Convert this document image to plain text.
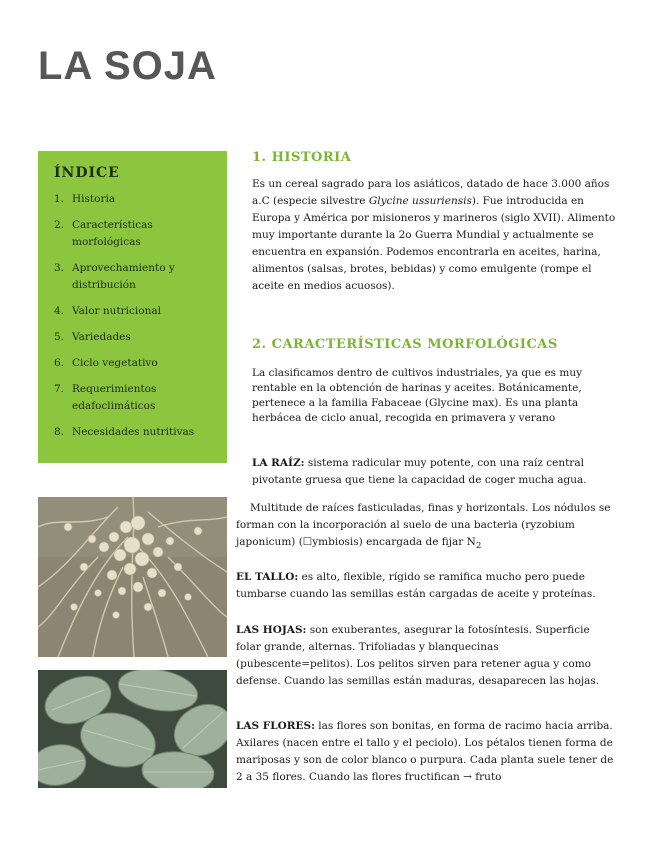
LA SOJA
ÍNDICE
1. Historia
2. Características morfológicas
3. Aprovechamiento y distribución
4. Valor nutricional
5. Variedades
6. Ciclo vegetativo
7. Requerimientos edafoclimáticos
8. Necesidades nutritivas
1. HISTORIA

Es un cereal sagrado para los asiáticos, datado de hace 3.000 años a.C (especie silvestre Glycine ussuriensis). Fue introducida en Europa y América por misioneros y marineros (siglo XVII). Alimento muy importante durante la 2o Guerra Mundial y actualmente se encuentra en expansión. Podemos encontrarla en aceites, harina, alimentos (salsas, brotes, bebidas) y como emulgente (rompe el aceite en medios acuosos).

2. CARACTERÍSTICAS MORFOLÓGICAS

La clasificamos dentro de cultivos industriales, ya que es muy rentable en la obtención de harinas y aceites. Botánicamente, pertenece a la familia Fabaceae (Glycine max). Es una planta herbácea de ciclo anual, recogida en primavera y verano

LA RAÍZ: sistema radicular muy potente, con una raíz central pivotante gruesa que tiene la capacidad de coger mucha agua.

Multitude de raíces fasticuladas, finas y horizontals. Los nódulos se forman con la incorporación al suelo de una bacteria (ryzobium japonicum) (☐ymbiosis) encargada de fijar $N_2$

EL TALLO: es alto, flexible, rígido se ramifica mucho pero puede tumbarse cuando las semillas están cargadas de aceite y proteínas.

LAS HOJAS: son exuberantes, asegurar la fotosíntesis. Superficie folar grande, alternas. Trifoliadas y blanquecinas (pubescente=pelitos). Los pelitos sirven para retener agua y como defense. Cuando las semillas están maduras, desaparecen las hojas.

LAS FLORES: las flores son bonitas, en forma de racimo hacia arriba. Axilares (nacen entre el tallo y el peciolo). Los pétalos tienen forma de mariposas y son de color blanco o purpura. Cada planta suele tener de 2 a 35 flores. Cuando las flores fructifican → fruto
